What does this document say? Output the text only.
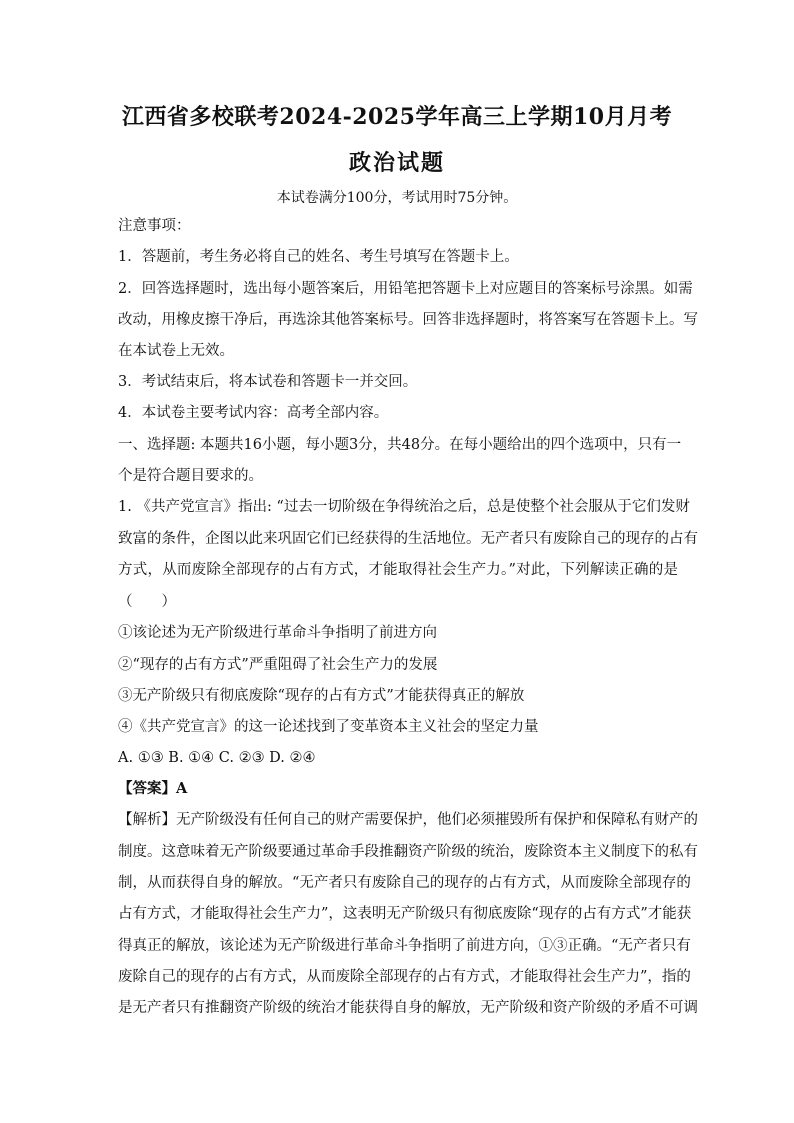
江西省多校联考2024-2025学年高三上学期10月月考
政治试题
本试卷满分100分，考试用时75分钟。
注意事项：
1．答题前，考生务必将自己的姓名、考生号填写在答题卡上。
2．回答选择题时，选出每小题答案后，用铅笔把答题卡上对应题目的答案标号涂黑。如需
改动，用橡皮擦干净后，再选涂其他答案标号。回答非选择题时，将答案写在答题卡上。写
在本试卷上无效。
3．考试结束后，将本试卷和答题卡一并交回。
4．本试卷主要考试内容：高考全部内容。
一、选择题: 本题共16小题，每小题3分，共48分。在每小题给出的四个选项中，只有一
个是符合题目要求的。
1. 《共产党宣言》指出: “过去一切阶级在争得统治之后，总是使整个社会服从于它们发财
致富的条件，企图以此来巩固它们已经获得的生活地位。无产者只有废除自己的现存的占有
方式，从而废除全部现存的占有方式，才能取得社会生产力。”对此，下列解读正确的是
（　　）
①该论述为无产阶级进行革命斗争指明了前进方向
②“现存的占有方式”严重阻碍了社会生产力的发展
③无产阶级只有彻底废除“现存的占有方式”才能获得真正的解放
④《共产党宣言》的这一论述找到了变革资本主义社会的坚定力量
A. ①③ B. ①④ C. ②③ D. ②④
【答案】A
【解析】无产阶级没有任何自己的财产需要保护，他们必须摧毁所有保护和保障私有财产的
制度。这意味着无产阶级要通过革命手段推翻资产阶级的统治，废除资本主义制度下的私有
制，从而获得自身的解放。“无产者只有废除自己的现存的占有方式，从而废除全部现存的
占有方式，才能取得社会生产力”，这表明无产阶级只有彻底废除“现存的占有方式”才能获
得真正的解放，该论述为无产阶级进行革命斗争指明了前进方向，①③正确。“无产者只有
废除自己的现存的占有方式，从而废除全部现存的占有方式，才能取得社会生产力”，指的
是无产者只有推翻资产阶级的统治才能获得自身的解放，无产阶级和资产阶级的矛盾不可调
